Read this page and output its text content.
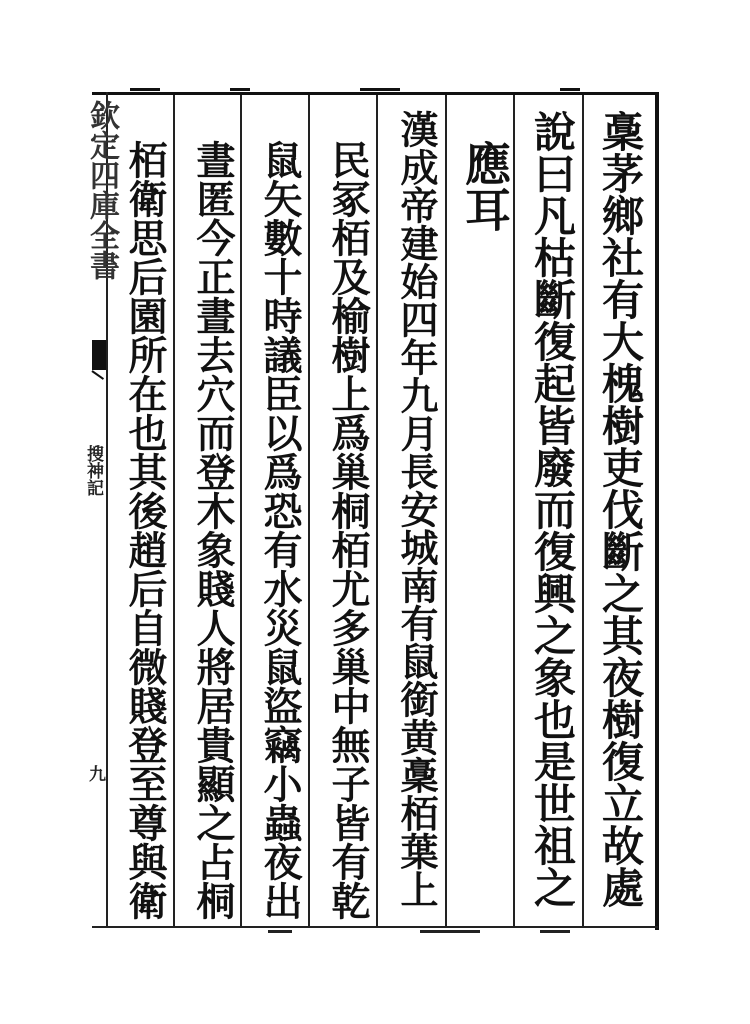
欽定四庫全書
搜神記
九	稾茅鄉社有大槐樹吏伐斷之其夜樹復立故處
說曰凡枯斷復起皆廢而復興之象也是世祖之
應耳
漢成帝建始四年九月長安城南有鼠銜黄稾栢葉上
民冢栢及榆樹上爲巢桐栢尤多巢中無子皆有乾
鼠矢數十時議臣以爲恐有水災鼠盜竊小蟲夜出
晝匿今正晝去穴而登木象賤人將居貴顯之占桐
栢衛思后園所在也其後趙后自微賤登至尊與衛
